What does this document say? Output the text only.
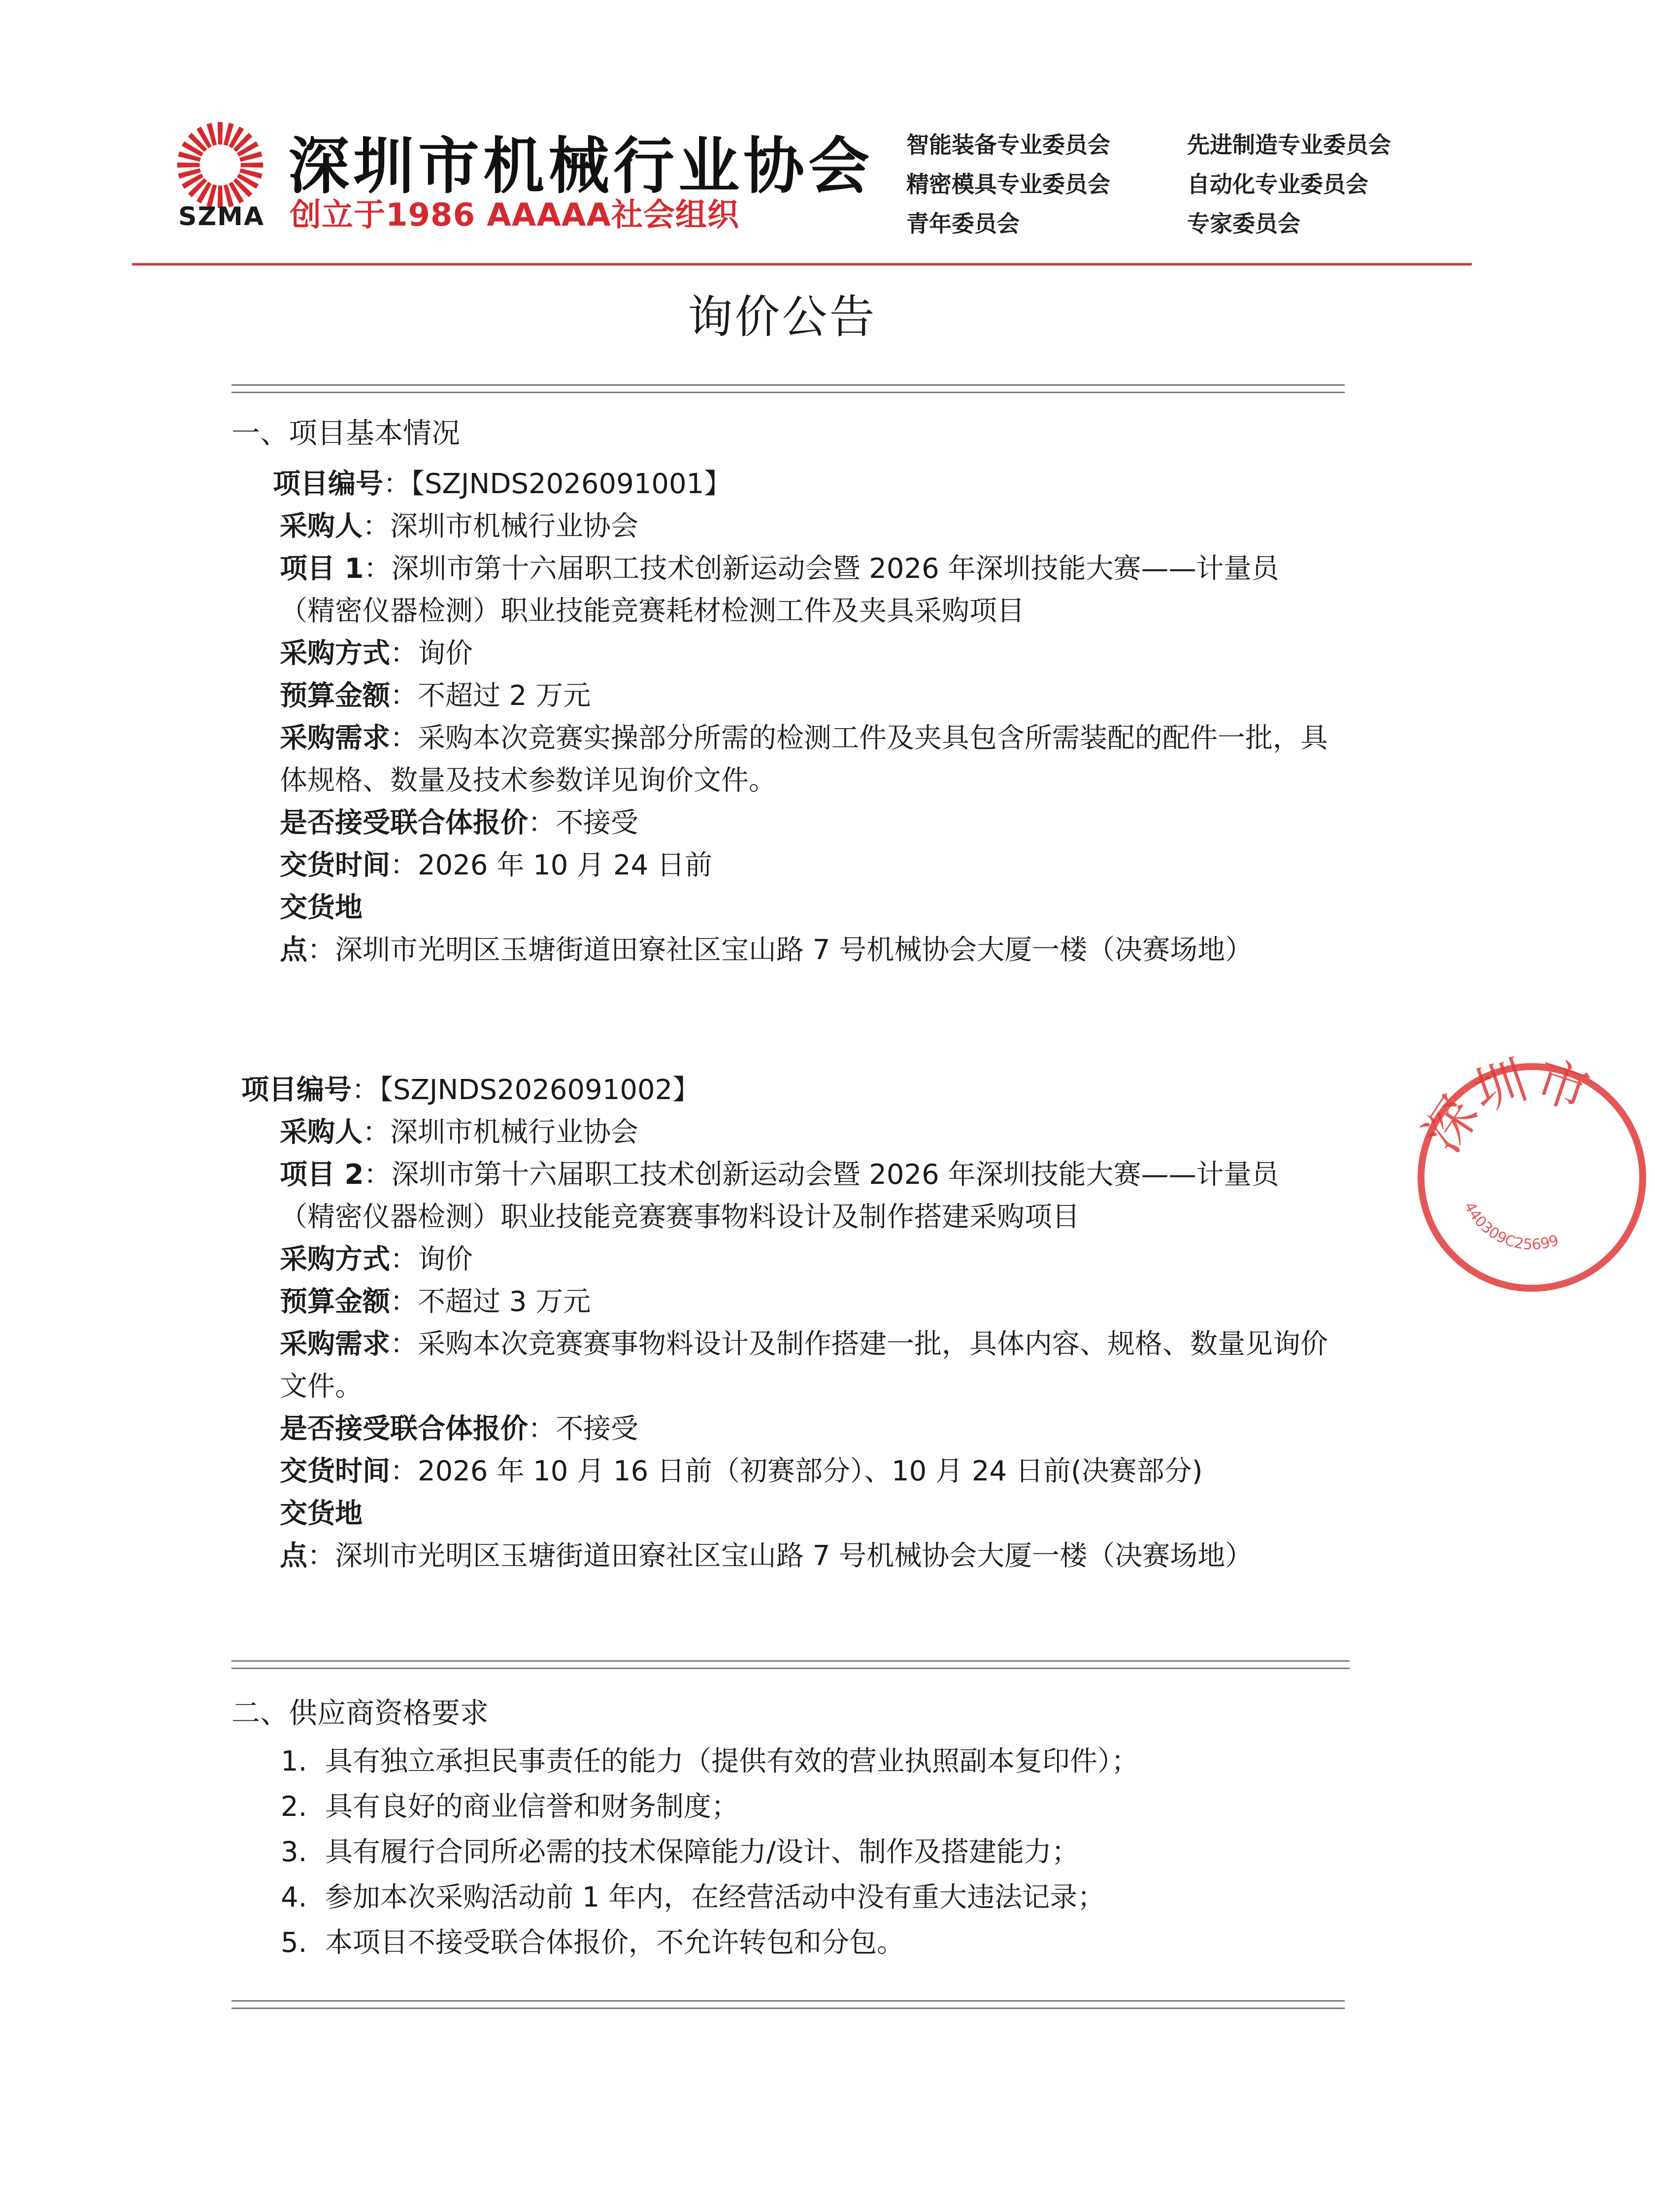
SZMA
深圳市机械行业协会
创立于1986 AAAAA社会组织
智能装备专业委员会	先进制造专业委员会
精密模具专业委员会	自动化专业委员会
青年委员会	专家委员会
询价公告
一、项目基本情况

项目编号：【SZJNDS2026091001】

采购人：深圳市机械行业协会

项目 1：深圳市第十六届职工技术创新运动会暨 2026 年深圳技能大赛——计量员（精密仪器检测）职业技能竞赛耗材检测工件及夹具采购项目

采购方式：询价

预算金额：不超过 2 万元

采购需求：采购本次竞赛实操部分所需的检测工件及夹具包含所需装配的配件一批，具体规格、数量及技术参数详见询价文件。

是否接受联合体报价：不接受

交货时间：2026 年 10 月 24 日前

交货地点：深圳市光明区玉塘街道田寮社区宝山路 7 号机械协会大厦一楼（决赛场地）

项目编号：【SZJNDS2026091002】

采购人：深圳市机械行业协会

项目 2：深圳市第十六届职工技术创新运动会暨 2026 年深圳技能大赛——计量员（精密仪器检测）职业技能竞赛赛事物料设计及制作搭建采购项目

采购方式：询价

预算金额：不超过 3 万元

采购需求：采购本次竞赛赛事物料设计及制作搭建一批，具体内容、规格、数量见询价文件。

是否接受联合体报价：不接受

交货时间：2026 年 10 月 16 日前（初赛部分）、10 月 24 日前(决赛部分)

交货地点：深圳市光明区玉塘街道田寮社区宝山路 7 号机械协会大厦一楼（决赛场地）

二、供应商资格要求
1. 具有独立承担民事责任的能力（提供有效的营业执照副本复印件）；
2. 具有良好的商业信誉和财务制度；
3. 具有履行合同所必需的技术保障能力/设计、制作及搭建能力；
4. 参加本次采购活动前 1 年内，在经营活动中没有重大违法记录；
5. 本项目不接受联合体报价，不允许转包和分包。
深圳市
440309C25699
